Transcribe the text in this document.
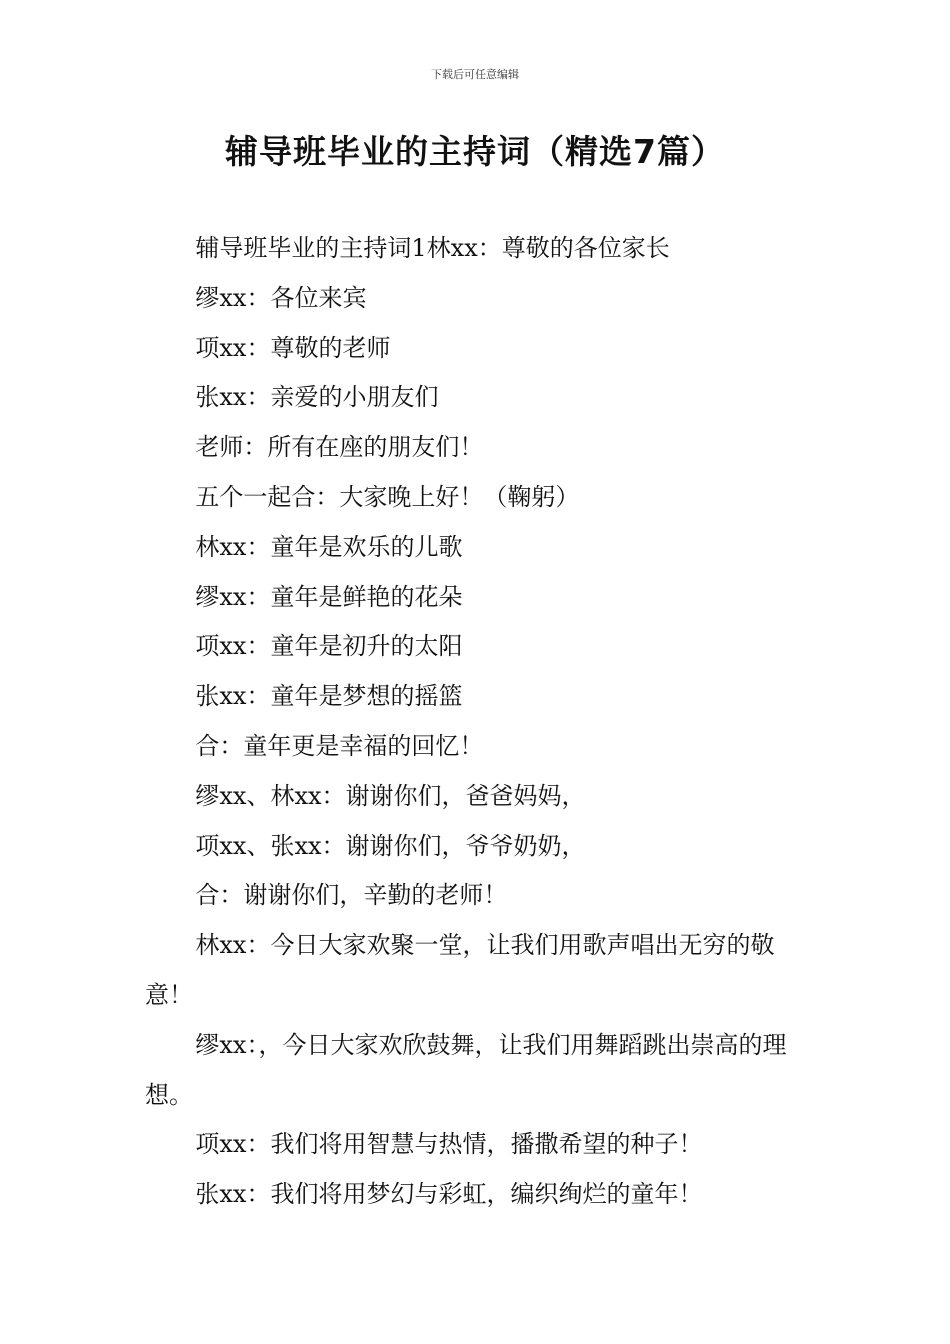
下载后可任意编辑
辅导班毕业的主持词（精选7篇）

辅导班毕业的主持词1林xx：尊敬的各位家长

缪xx：各位来宾

项xx：尊敬的老师

张xx：亲爱的小朋友们

老师：所有在座的朋友们！

五个一起合：大家晚上好！（鞠躬）

林xx：童年是欢乐的儿歌

缪xx：童年是鲜艳的花朵

项xx：童年是初升的太阳

张xx：童年是梦想的摇篮

合：童年更是幸福的回忆！

缪xx、林xx：谢谢你们，爸爸妈妈，

项xx、张xx：谢谢你们，爷爷奶奶，

合：谢谢你们，辛勤的老师！

林xx：今日大家欢聚一堂，让我们用歌声唱出无穷的敬意！

缪xx：，今日大家欢欣鼓舞，让我们用舞蹈跳出崇高的理想。

项xx：我们将用智慧与热情，播撒希望的种子！

张xx：我们将用梦幻与彩虹，编织绚烂的童年！
